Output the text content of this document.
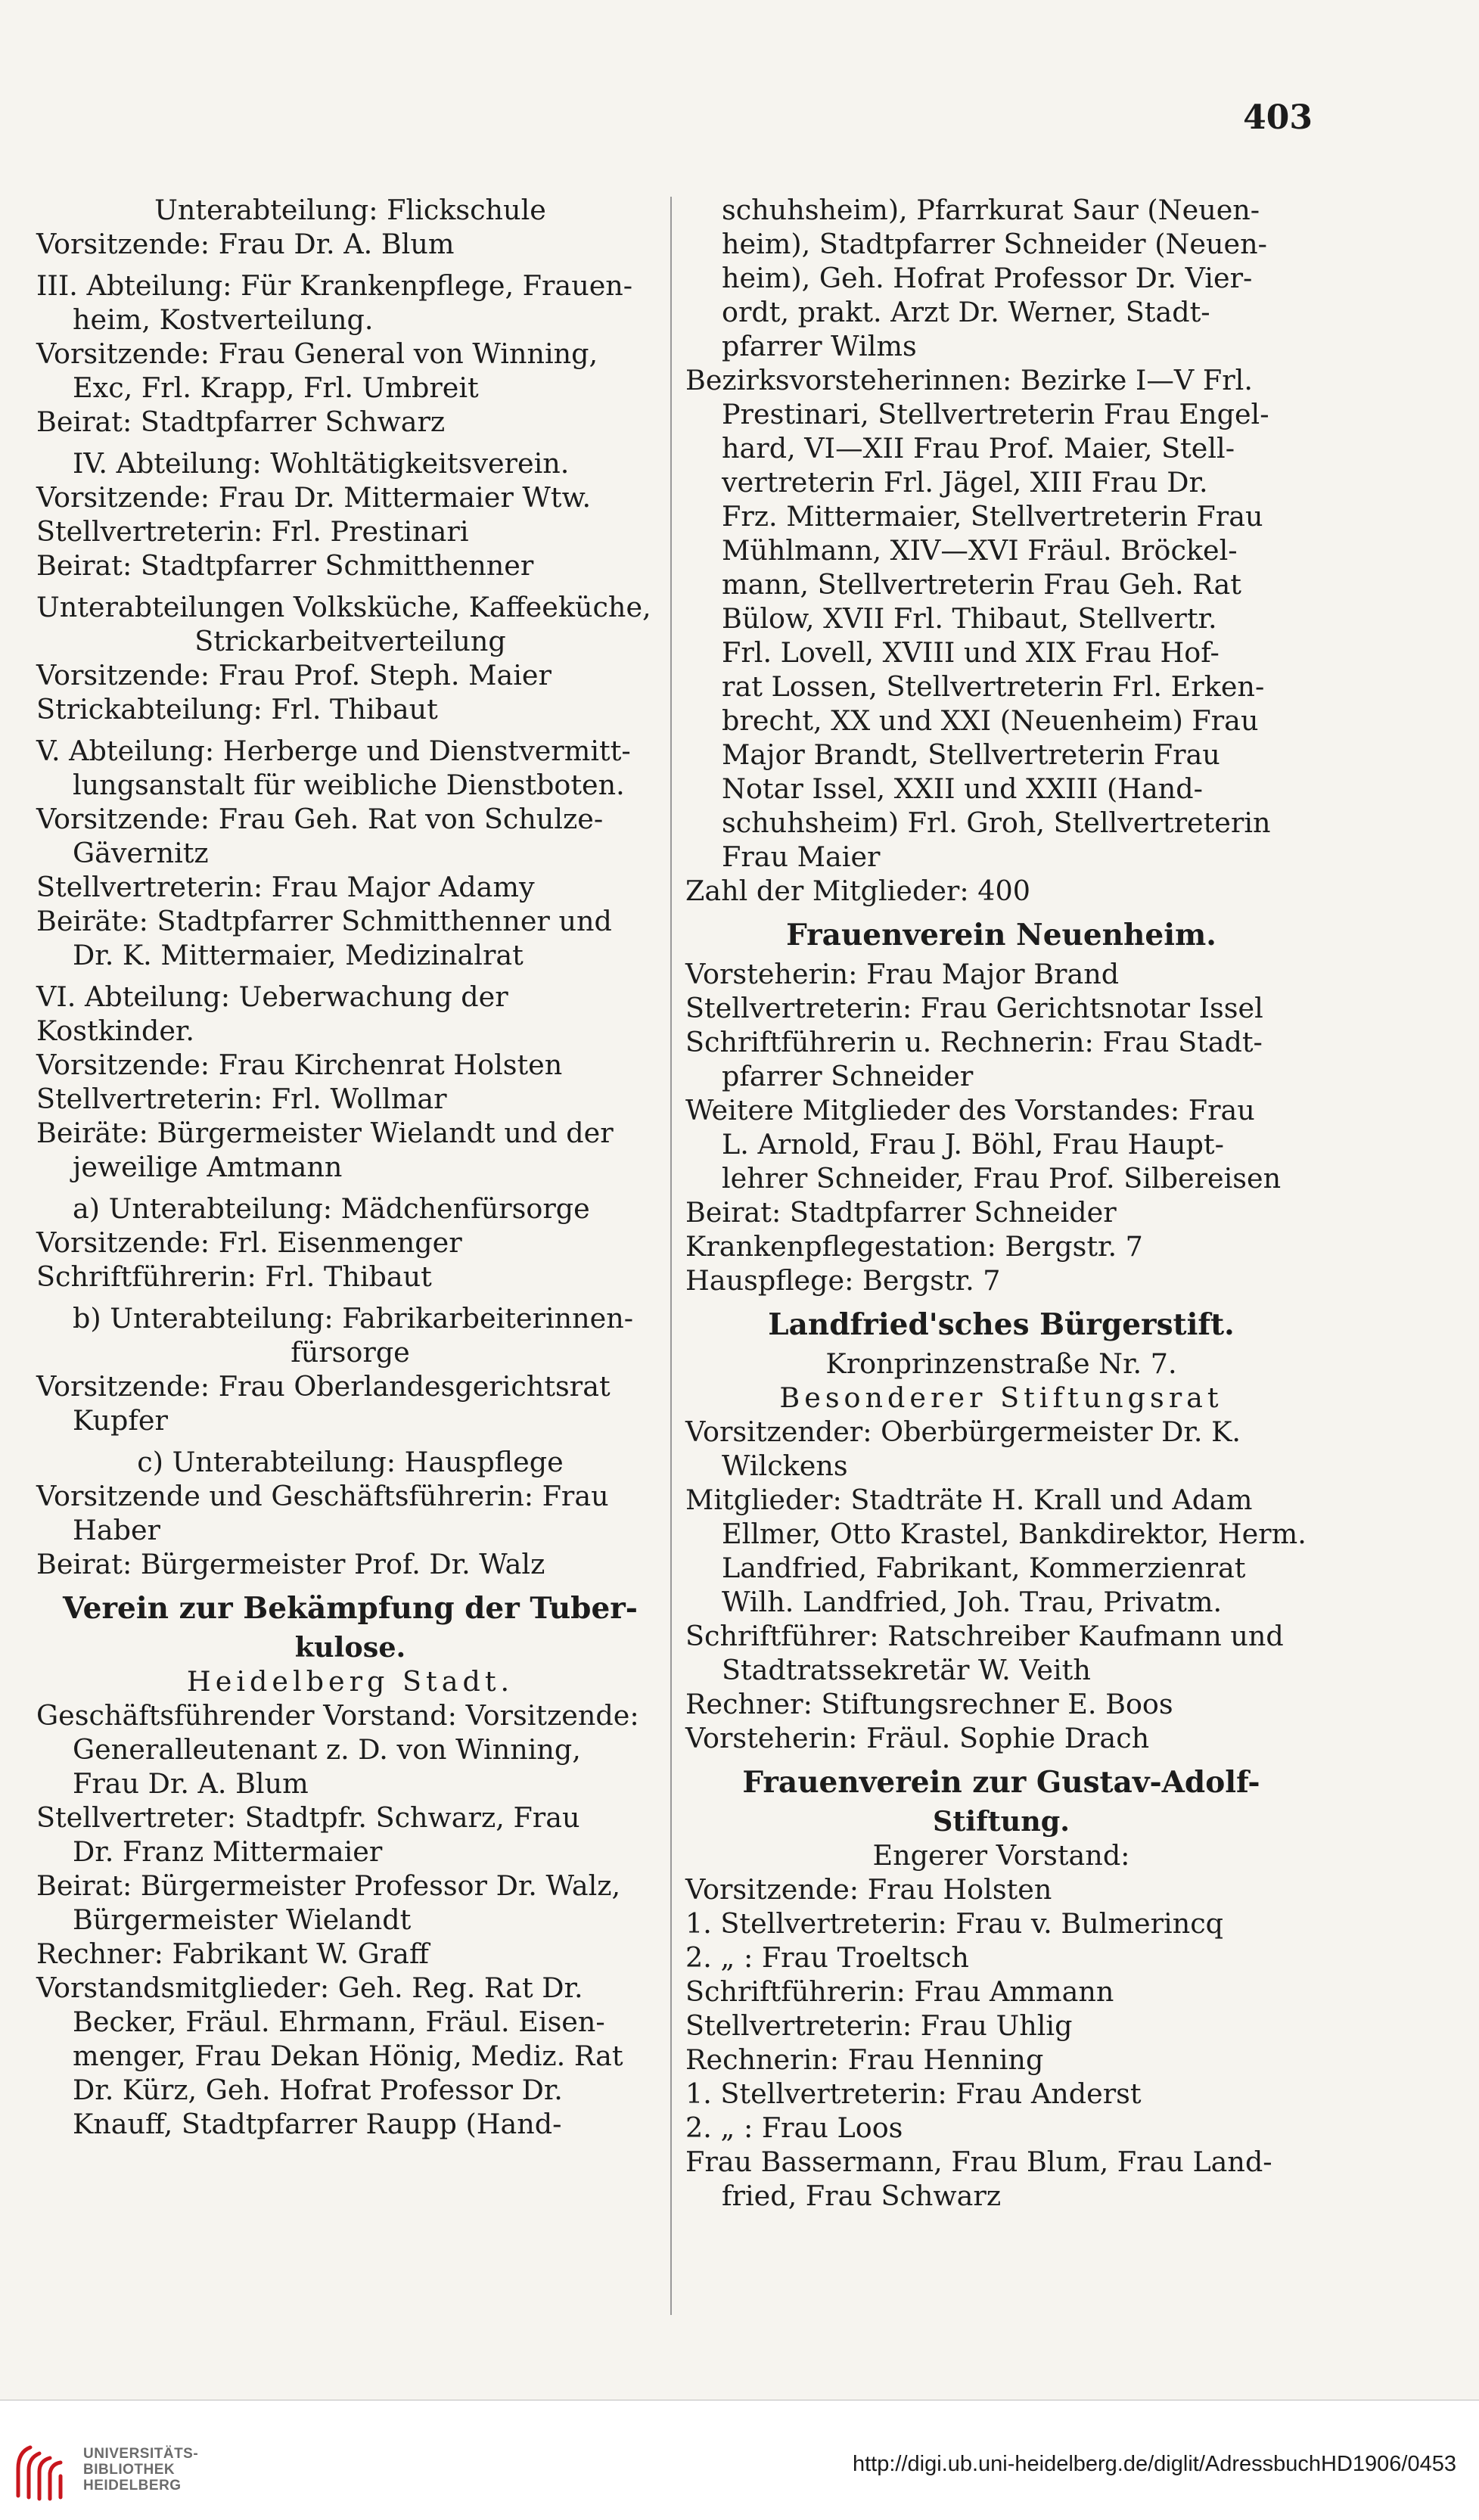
403

Unterabteilung: Flickschule

Vorsitzende: Frau Dr. A. Blum

III. Abteilung: Für Krankenpflege, Frauen-

heim, Kostverteilung.

Vorsitzende: Frau General von Winning,

Exc, Frl. Krapp, Frl. Umbreit

Beirat: Stadtpfarrer Schwarz

IV. Abteilung: Wohltätigkeitsverein.

Vorsitzende: Frau Dr. Mittermaier Wtw.

Stellvertreterin: Frl. Prestinari

Beirat: Stadtpfarrer Schmitthenner

Unterabteilungen Volksküche, Kaffeeküche,

Strickarbeitverteilung

Vorsitzende: Frau Prof. Steph. Maier

Strickabteilung: Frl. Thibaut

V. Abteilung: Herberge und Dienstvermitt-

lungsanstalt für weibliche Dienstboten.

Vorsitzende: Frau Geh. Rat von Schulze-

Gävernitz

Stellvertreterin: Frau Major Adamy

Beiräte: Stadtpfarrer Schmitthenner und

Dr. K. Mittermaier, Medizinalrat

VI. Abteilung: Ueberwachung der Kostkinder.

Vorsitzende: Frau Kirchenrat Holsten

Stellvertreterin: Frl. Wollmar

Beiräte: Bürgermeister Wielandt und der

jeweilige Amtmann

a) Unterabteilung: Mädchenfürsorge

Vorsitzende: Frl. Eisenmenger

Schriftführerin: Frl. Thibaut

b) Unterabteilung: Fabrikarbeiterinnen-

fürsorge

Vorsitzende: Frau Oberlandesgerichtsrat

Kupfer

c) Unterabteilung: Hauspflege

Vorsitzende und Geschäftsführerin: Frau

Haber

Beirat: Bürgermeister Prof. Dr. Walz

Verein zur Bekämpfung der Tuber-

kulose.

Heidelberg Stadt.

Geschäftsführender Vorstand: Vorsitzende:

Generalleutenant z. D. von Winning,

Frau Dr. A. Blum

Stellvertreter: Stadtpfr. Schwarz, Frau

Dr. Franz Mittermaier

Beirat: Bürgermeister Professor Dr. Walz,

Bürgermeister Wielandt

Rechner: Fabrikant W. Graff

Vorstandsmitglieder: Geh. Reg. Rat Dr.

Becker, Fräul. Ehrmann, Fräul. Eisen-

menger, Frau Dekan Hönig, Mediz. Rat

Dr. Kürz, Geh. Hofrat Professor Dr.

Knauff, Stadtpfarrer Raupp (Hand-

schuhsheim), Pfarrkurat Saur (Neuen-

heim), Stadtpfarrer Schneider (Neuen-

heim), Geh. Hofrat Professor Dr. Vier-

ordt, prakt. Arzt Dr. Werner, Stadt-

pfarrer Wilms

Bezirksvorsteherinnen: Bezirke I—V Frl.

Prestinari, Stellvertreterin Frau Engel-

hard, VI—XII Frau Prof. Maier, Stell-

vertreterin Frl. Jägel, XIII Frau Dr.

Frz. Mittermaier, Stellvertreterin Frau

Mühlmann, XIV—XVI Fräul. Bröckel-

mann, Stellvertreterin Frau Geh. Rat

Bülow, XVII Frl. Thibaut, Stellvertr.

Frl. Lovell, XVIII und XIX Frau Hof-

rat Lossen, Stellvertreterin Frl. Erken-

brecht, XX und XXI (Neuenheim) Frau

Major Brandt, Stellvertreterin Frau

Notar Issel, XXII und XXIII (Hand-

schuhsheim) Frl. Groh, Stellvertreterin

Frau Maier

Zahl der Mitglieder: 400

Frauenverein Neuenheim.

Vorsteherin: Frau Major Brand

Stellvertreterin: Frau Gerichtsnotar Issel

Schriftführerin u. Rechnerin: Frau Stadt-

pfarrer Schneider

Weitere Mitglieder des Vorstandes: Frau

L. Arnold, Frau J. Böhl, Frau Haupt-

lehrer Schneider, Frau Prof. Silbereisen

Beirat: Stadtpfarrer Schneider

Krankenpflegestation: Bergstr. 7

Hauspflege: Bergstr. 7

Landfried'sches Bürgerstift.

Kronprinzenstraße Nr. 7.

Besonderer Stiftungsrat

Vorsitzender: Oberbürgermeister Dr. K.

Wilckens

Mitglieder: Stadträte H. Krall und Adam

Ellmer, Otto Krastel, Bankdirektor, Herm.

Landfried, Fabrikant, Kommerzienrat

Wilh. Landfried, Joh. Trau, Privatm.

Schriftführer: Ratschreiber Kaufmann und

Stadtratssekretär W. Veith

Rechner: Stiftungsrechner E. Boos

Vorsteherin: Fräul. Sophie Drach

Frauenverein zur Gustav-Adolf-

Stiftung.

Engerer Vorstand:

Vorsitzende: Frau Holsten

1. Stellvertreterin: Frau v. Bulmerincq

2. „ : Frau Troeltsch

Schriftführerin: Frau Ammann

Stellvertreterin: Frau Uhlig

Rechnerin: Frau Henning

1. Stellvertreterin: Frau Anderst

2. „ : Frau Loos

Frau Bassermann, Frau Blum, Frau Land-

fried, Frau Schwarz

UNIVERSITÄTS-
BIBLIOTHEK
HEIDELBERG
http://digi.ub.uni-heidelberg.de/diglit/AdressbuchHD1906/0453
